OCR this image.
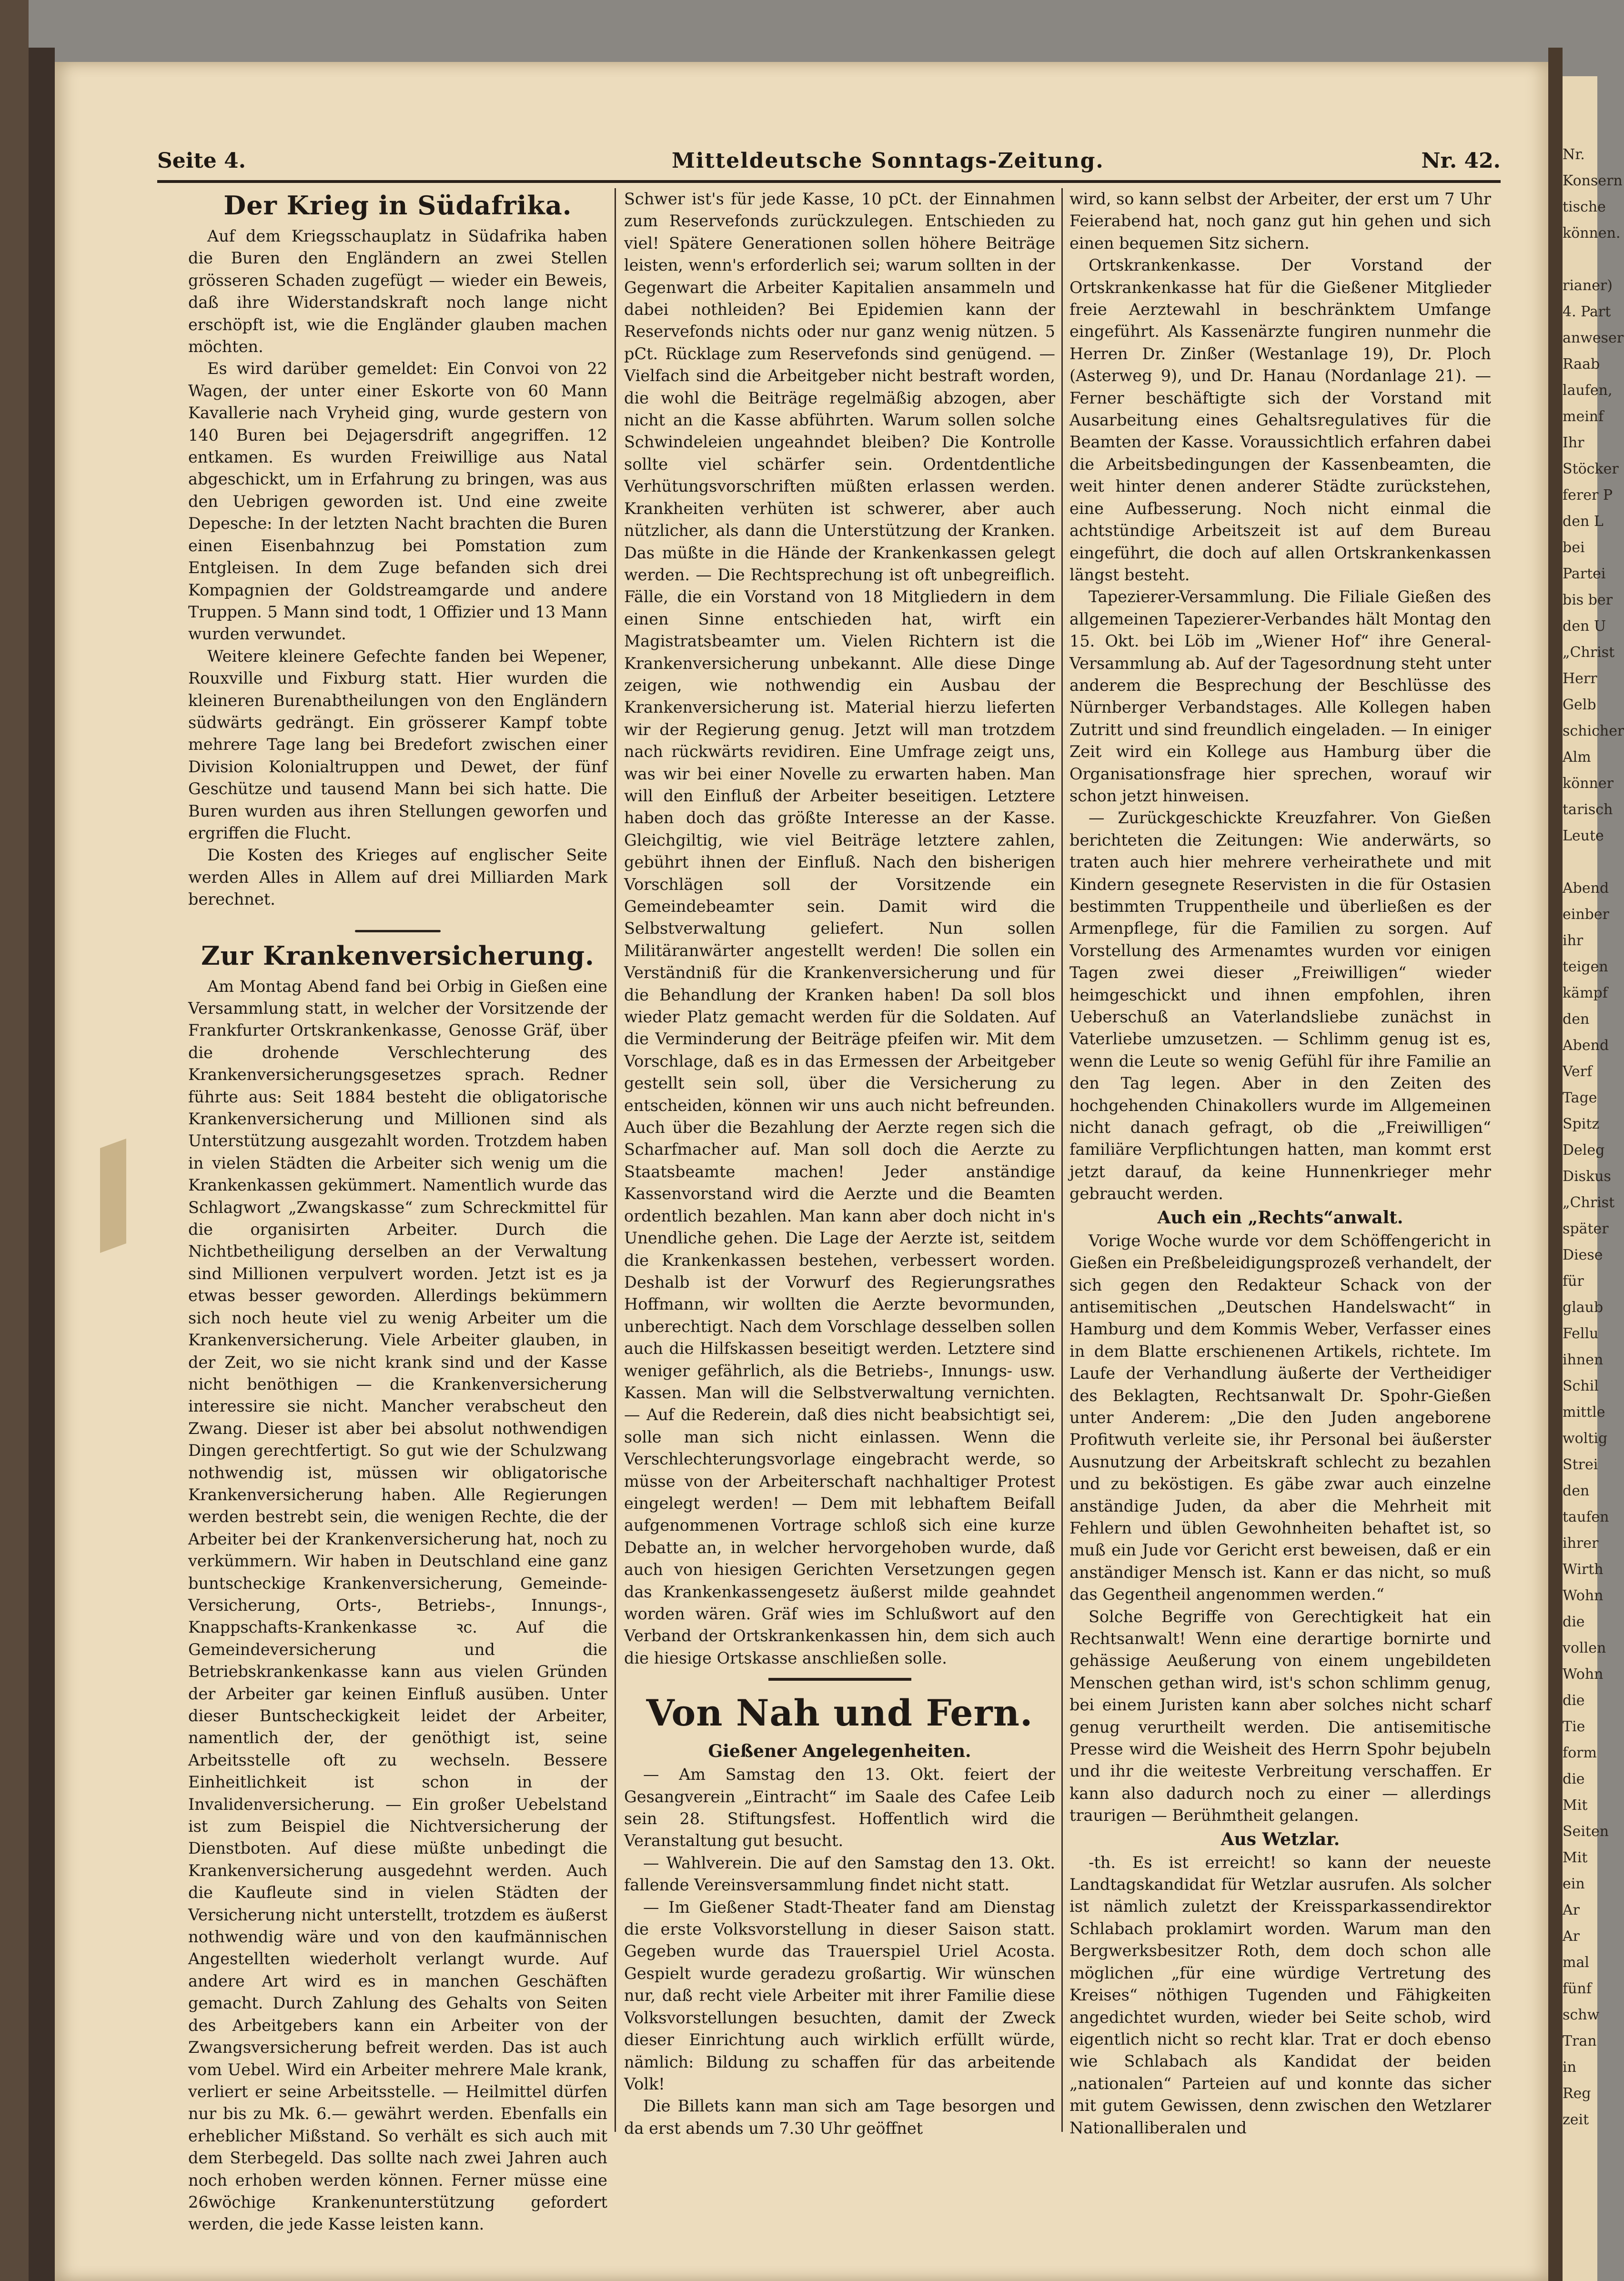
Nr.
Konsern
tische
können.
rianer)
4. Part
anweser
Raab
laufen,
meinf
Ihr
Stöcker
ferer P
den L
bei
Partei
bis ber
den U
„Christ
Herr
Gelb
schicher
Alm
könner
tarisch
Leute
Abend
einber
ihr
teigen
kämpf
den
Abend
Verf
Tage
Spitz
Deleg
Diskus
„Christ
später
Diese
für
glaub
Fellu
ihnen
Schil
mittle
woltig
Strei
den
taufen
ihrer
Wirth
Wohn
die
vollen
Wohn
die
Tie
form
die
Mit
Seiten
Mit
ein
Ar
Ar
mal
fünf
schw
Tran
in
Reg
zeit
Seite 4.	Mitteldeutsche Sonntags-Zeitung.	Nr. 42.
Der Krieg in Südafrika.

Auf dem Kriegsschauplatz in Südafrika haben die Buren den Engländern an zwei Stellen grösseren Schaden zugefügt — wieder ein Beweis, daß ihre Widerstandskraft noch lange nicht erschöpft ist, wie die Engländer glauben machen möchten.

Es wird darüber gemeldet: Ein Convoi von 22 Wagen, der unter einer Eskorte von 60 Mann Kavallerie nach Vryheid ging, wurde gestern von 140 Buren bei Dejagersdrift angegriffen. 12 entkamen. Es wurden Freiwillige aus Natal abgeschickt, um in Erfahrung zu bringen, was aus den Uebrigen geworden ist. Und eine zweite Depesche: In der letzten Nacht brachten die Buren einen Eisenbahnzug bei Pomstation zum Entgleisen. In dem Zuge befanden sich drei Kompagnien der Goldstreamgarde und andere Truppen. 5 Mann sind todt, 1 Offizier und 13 Mann wurden verwundet.

Weitere kleinere Gefechte fanden bei Wepener, Rouxville und Fixburg statt. Hier wurden die kleineren Burenabtheilungen von den Engländern südwärts gedrängt. Ein grösserer Kampf tobte mehrere Tage lang bei Bredefort zwischen einer Division Kolonialtruppen und Dewet, der fünf Geschütze und tausend Mann bei sich hatte. Die Buren wurden aus ihren Stellungen geworfen und ergriffen die Flucht.

Die Kosten des Krieges auf englischer Seite werden Alles in Allem auf drei Milliarden Mark berechnet.

Zur Krankenversicherung.

Am Montag Abend fand bei Orbig in Gießen eine Versammlung statt, in welcher der Vorsitzende der Frankfurter Ortskrankenkasse, Genosse Gräf, über die drohende Verschlechterung des Krankenversicherungsgesetzes sprach. Redner führte aus: Seit 1884 besteht die obligatorische Krankenversicherung und Millionen sind als Unterstützung ausgezahlt worden. Trotzdem haben in vielen Städten die Arbeiter sich wenig um die Krankenkassen gekümmert. Namentlich wurde das Schlagwort „Zwangskasse“ zum Schreckmittel für die organisirten Arbeiter. Durch die Nichtbetheiligung derselben an der Verwaltung sind Millionen verpulvert worden. Jetzt ist es ja etwas besser geworden. Allerdings bekümmern sich noch heute viel zu wenig Arbeiter um die Krankenversicherung. Viele Arbeiter glauben, in der Zeit, wo sie nicht krank sind und der Kasse nicht benöthigen — die Krankenversicherung interessire sie nicht. Mancher verabscheut den Zwang. Dieser ist aber bei absolut nothwendigen Dingen gerechtfertigt. So gut wie der Schulzwang nothwendig ist, müssen wir obligatorische Krankenversicherung haben. Alle Regierungen werden bestrebt sein, die wenigen Rechte, die der Arbeiter bei der Krankenversicherung hat, noch zu verkümmern. Wir haben in Deutschland eine ganz buntscheckige Krankenversicherung, Gemeinde-Versicherung, Orts-, Betriebs-, Innungs-, Knappschafts-Krankenkasse ꝛc. Auf die Gemeindeversicherung und die Betriebskrankenkasse kann aus vielen Gründen der Arbeiter gar keinen Einfluß ausüben. Unter dieser Buntscheckigkeit leidet der Arbeiter, namentlich der, der genöthigt ist, seine Arbeitsstelle oft zu wechseln. Bessere Einheitlichkeit ist schon in der Invalidenversicherung. — Ein großer Uebelstand ist zum Beispiel die Nichtversicherung der Dienstboten. Auf diese müßte unbedingt die Krankenversicherung ausgedehnt werden. Auch die Kaufleute sind in vielen Städten der Versicherung nicht unterstellt, trotzdem es äußerst nothwendig wäre und von den kaufmännischen Angestellten wiederholt verlangt wurde. Auf andere Art wird es in manchen Geschäften gemacht. Durch Zahlung des Gehalts von Seiten des Arbeitgebers kann ein Arbeiter von der Zwangsversicherung befreit werden. Das ist auch vom Uebel. Wird ein Arbeiter mehrere Male krank, verliert er seine Arbeitsstelle. — Heilmittel dürfen nur bis zu Mk. 6.— gewährt werden. Ebenfalls ein erheblicher Mißstand. So verhält es sich auch mit dem Sterbegeld. Das sollte nach zwei Jahren auch noch erhoben werden können. Ferner müsse eine 26wöchige Krankenunterstützung gefordert werden, die jede Kasse leisten kann.

Schwer ist's für jede Kasse, 10 pCt. der Einnahmen zum Reservefonds zurückzulegen. Entschieden zu viel! Spätere Generationen sollen höhere Beiträge leisten, wenn's erforderlich sei; warum sollten in der Gegenwart die Arbeiter Kapitalien ansammeln und dabei nothleiden? Bei Epidemien kann der Reservefonds nichts oder nur ganz wenig nützen. 5 pCt. Rücklage zum Reservefonds sind genügend. — Vielfach sind die Arbeitgeber nicht bestraft worden, die wohl die Beiträge regelmäßig abzogen, aber nicht an die Kasse abführten. Warum sollen solche Schwindeleien ungeahndet bleiben? Die Kontrolle sollte viel schärfer sein. Ordentdentliche Verhütungsvorschriften müßten erlassen werden. Krankheiten verhüten ist schwerer, aber auch nützlicher, als dann die Unterstützung der Kranken. Das müßte in die Hände der Krankenkassen gelegt werden. — Die Rechtsprechung ist oft unbegreiflich. Fälle, die ein Vorstand von 18 Mitgliedern in dem einen Sinne entschieden hat, wirft ein Magistratsbeamter um. Vielen Richtern ist die Krankenversicherung unbekannt. Alle diese Dinge zeigen, wie nothwendig ein Ausbau der Krankenversicherung ist. Material hierzu lieferten wir der Regierung genug. Jetzt will man trotzdem nach rückwärts revidiren. Eine Umfrage zeigt uns, was wir bei einer Novelle zu erwarten haben. Man will den Einfluß der Arbeiter beseitigen. Letztere haben doch das größte Interesse an der Kasse. Gleichgiltig, wie viel Beiträge letztere zahlen, gebührt ihnen der Einfluß. Nach den bisherigen Vorschlägen soll der Vorsitzende ein Gemeindebeamter sein. Damit wird die Selbstverwaltung geliefert. Nun sollen Militäranwärter angestellt werden! Die sollen ein Verständniß für die Krankenversicherung und für die Behandlung der Kranken haben! Da soll blos wieder Platz gemacht werden für die Soldaten. Auf die Verminderung der Beiträge pfeifen wir. Mit dem Vorschlage, daß es in das Ermessen der Arbeitgeber gestellt sein soll, über die Versicherung zu entscheiden, können wir uns auch nicht befreunden. Auch über die Bezahlung der Aerzte regen sich die Scharfmacher auf. Man soll doch die Aerzte zu Staatsbeamte machen! Jeder anständige Kassenvorstand wird die Aerzte und die Beamten ordentlich bezahlen. Man kann aber doch nicht in's Unendliche gehen. Die Lage der Aerzte ist, seitdem die Krankenkassen bestehen, verbessert worden. Deshalb ist der Vorwurf des Regierungsrathes Hoffmann, wir wollten die Aerzte bevormunden, unberechtigt. Nach dem Vorschlage desselben sollen auch die Hilfskassen beseitigt werden. Letztere sind weniger gefährlich, als die Betriebs-, Innungs- usw. Kassen. Man will die Selbstverwaltung vernichten. — Auf die Rederein, daß dies nicht beabsichtigt sei, solle man sich nicht einlassen. Wenn die Verschlechterungsvorlage eingebracht werde, so müsse von der Arbeiterschaft nachhaltiger Protest eingelegt werden! — Dem mit lebhaftem Beifall aufgenommenen Vortrage schloß sich eine kurze Debatte an, in welcher hervorgehoben wurde, daß auch von hiesigen Gerichten Versetzungen gegen das Krankenkassengesetz äußerst milde geahndet worden wären. Gräf wies im Schlußwort auf den Verband der Ortskrankenkassen hin, dem sich auch die hiesige Ortskasse anschließen solle.

Von Nah und Fern.
Gießener Angelegenheiten.

— Am Samstag den 13. Okt. feiert der Gesangverein „Eintracht“ im Saale des Cafee Leib sein 28. Stiftungsfest. Hoffentlich wird die Veranstaltung gut besucht.

— Wahlverein. Die auf den Samstag den 13. Okt. fallende Vereinsversammlung findet nicht statt.

— Im Gießener Stadt-Theater fand am Dienstag die erste Volksvorstellung in dieser Saison statt. Gegeben wurde das Trauerspiel Uriel Acosta. Gespielt wurde geradezu großartig. Wir wünschen nur, daß recht viele Arbeiter mit ihrer Familie diese Volksvorstellungen besuchten, damit der Zweck dieser Einrichtung auch wirklich erfüllt würde, nämlich: Bildung zu schaffen für das arbeitende Volk!

Die Billets kann man sich am Tage besorgen und da erst abends um 7.30 Uhr geöffnet

wird, so kann selbst der Arbeiter, der erst um 7 Uhr Feierabend hat, noch ganz gut hin gehen und sich einen bequemen Sitz sichern.

Ortskrankenkasse. Der Vorstand der Ortskrankenkasse hat für die Gießener Mitglieder freie Aerztewahl in beschränktem Umfange eingeführt. Als Kassenärzte fungiren nunmehr die Herren Dr. Zinßer (Westanlage 19), Dr. Ploch (Asterweg 9), und Dr. Hanau (Nordanlage 21). — Ferner beschäftigte sich der Vorstand mit Ausarbeitung eines Gehaltsregulatives für die Beamten der Kasse. Voraussichtlich erfahren dabei die Arbeitsbedingungen der Kassenbeamten, die weit hinter denen anderer Städte zurückstehen, eine Aufbesserung. Noch nicht einmal die achtstündige Arbeitszeit ist auf dem Bureau eingeführt, die doch auf allen Ortskrankenkassen längst besteht.

Tapezierer-Versammlung. Die Filiale Gießen des allgemeinen Tapezierer-Verbandes hält Montag den 15. Okt. bei Löb im „Wiener Hof“ ihre General-Versammlung ab. Auf der Tagesordnung steht unter anderem die Besprechung der Beschlüsse des Nürnberger Verbandstages. Alle Kollegen haben Zutritt und sind freundlich eingeladen. — In einiger Zeit wird ein Kollege aus Hamburg über die Organisationsfrage hier sprechen, worauf wir schon jetzt hinweisen.

— Zurückgeschickte Kreuzfahrer. Von Gießen berichteten die Zeitungen: Wie anderwärts, so traten auch hier mehrere verheirathete und mit Kindern gesegnete Reservisten in die für Ostasien bestimmten Truppentheile und überließen es der Armenpflege, für die Familien zu sorgen. Auf Vorstellung des Armenamtes wurden vor einigen Tagen zwei dieser „Freiwilligen“ wieder heimgeschickt und ihnen empfohlen, ihren Ueberschuß an Vaterlandsliebe zunächst in Vaterliebe umzusetzen. — Schlimm genug ist es, wenn die Leute so wenig Gefühl für ihre Familie an den Tag legen. Aber in den Zeiten des hochgehenden Chinakollers wurde im Allgemeinen nicht danach gefragt, ob die „Freiwilligen“ familiäre Verpflichtungen hatten, man kommt erst jetzt darauf, da keine Hunnenkrieger mehr gebraucht werden.

Auch ein „Rechts“anwalt.

Vorige Woche wurde vor dem Schöffengericht in Gießen ein Preßbeleidigungsprozeß verhandelt, der sich gegen den Redakteur Schack von der antisemitischen „Deutschen Handelswacht“ in Hamburg und dem Kommis Weber, Verfasser eines in dem Blatte erschienenen Artikels, richtete. Im Laufe der Verhandlung äußerte der Vertheidiger des Beklagten, Rechtsanwalt Dr. Spohr-Gießen unter Anderem: „Die den Juden angeborene Profitwuth verleite sie, ihr Personal bei äußerster Ausnutzung der Arbeitskraft schlecht zu bezahlen und zu beköstigen. Es gäbe zwar auch einzelne anständige Juden, da aber die Mehrheit mit Fehlern und üblen Gewohnheiten behaftet ist, so muß ein Jude vor Gericht erst beweisen, daß er ein anständiger Mensch ist. Kann er das nicht, so muß das Gegentheil angenommen werden.“

Solche Begriffe von Gerechtigkeit hat ein Rechtsanwalt! Wenn eine derartige bornirte und gehässige Aeußerung von einem ungebildeten Menschen gethan wird, ist's schon schlimm genug, bei einem Juristen kann aber solches nicht scharf genug verurtheilt werden. Die antisemitische Presse wird die Weisheit des Herrn Spohr bejubeln und ihr die weiteste Verbreitung verschaffen. Er kann also dadurch noch zu einer — allerdings traurigen — Berühmtheit gelangen.

Aus Wetzlar.

-th. Es ist erreicht! so kann der neueste Landtagskandidat für Wetzlar ausrufen. Als solcher ist nämlich zuletzt der Kreissparkassendirektor Schlabach proklamirt worden. Warum man den Bergwerksbesitzer Roth, dem doch schon alle möglichen „für eine würdige Vertretung des Kreises“ nöthigen Tugenden und Fähigkeiten angedichtet wurden, wieder bei Seite schob, wird eigentlich nicht so recht klar. Trat er doch ebenso wie Schlabach als Kandidat der beiden „nationalen“ Parteien auf und konnte das sicher mit gutem Gewissen, denn zwischen den Wetzlarer Nationalliberalen und
